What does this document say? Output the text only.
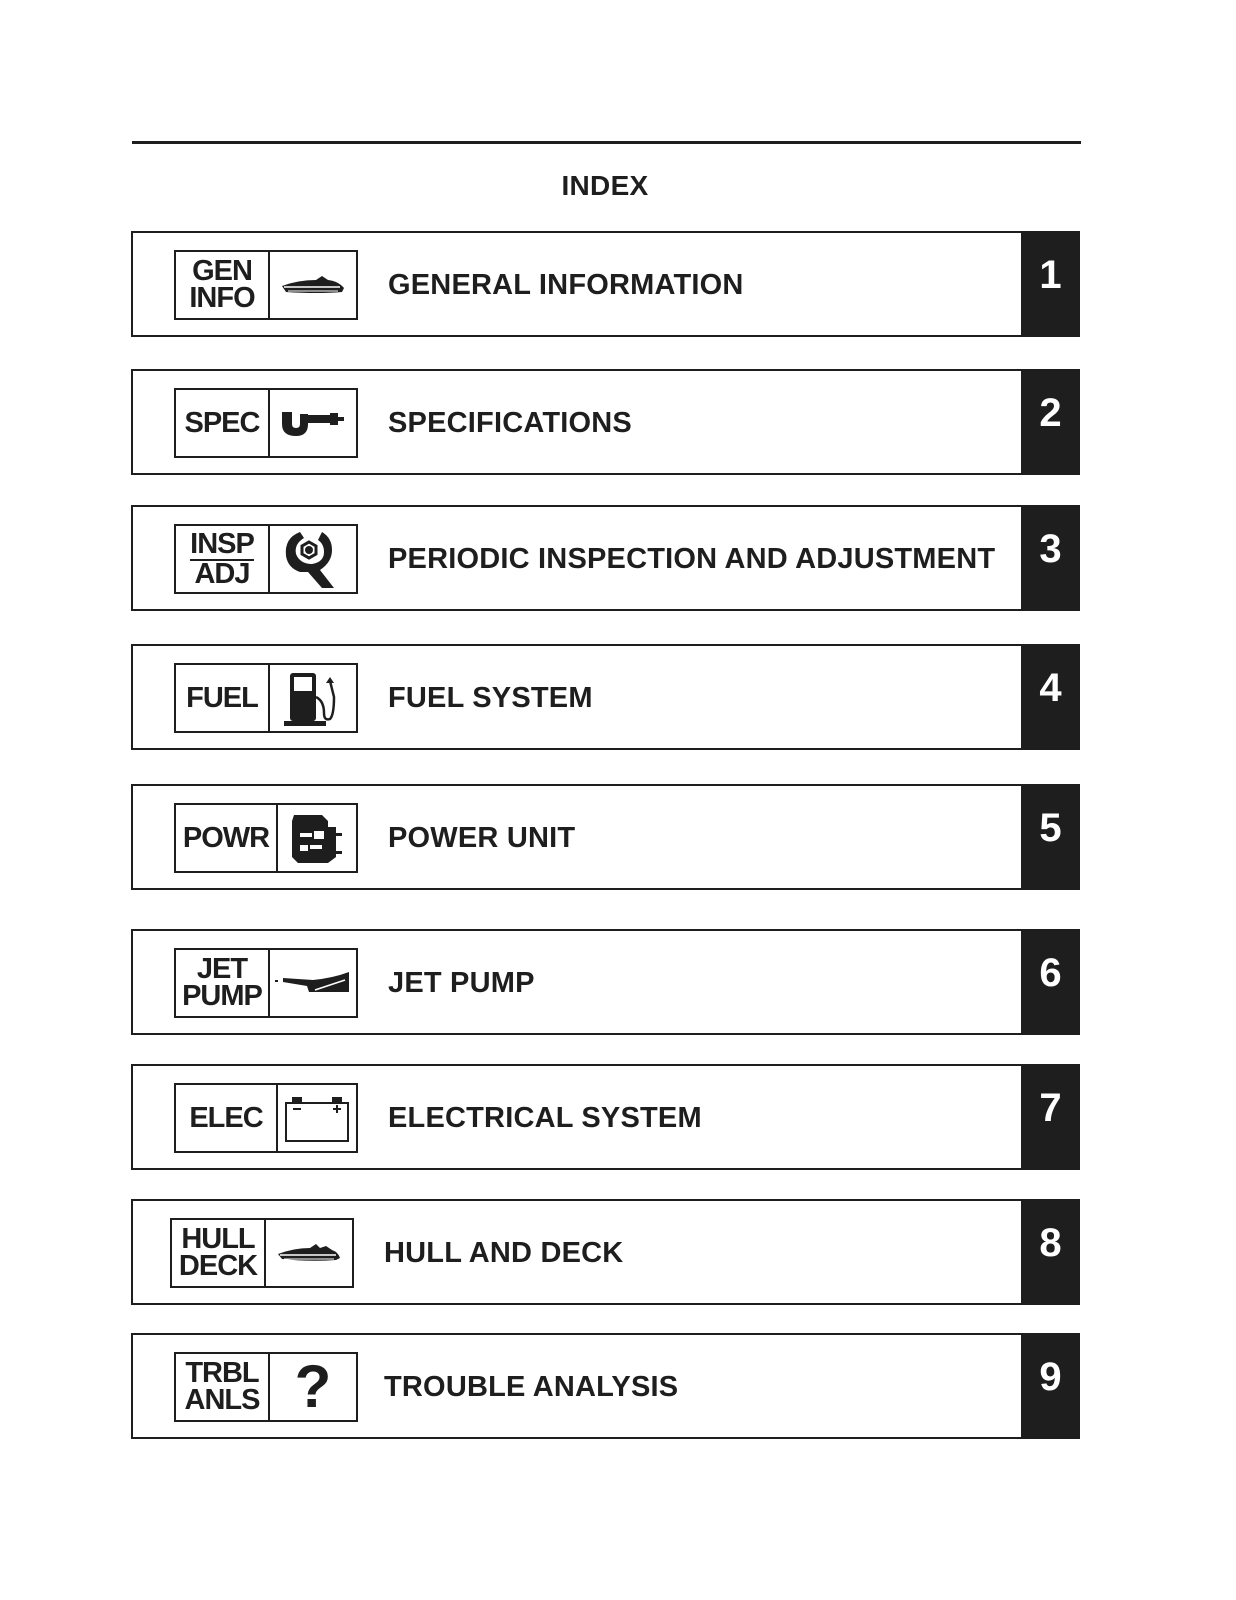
INDEX
GEN
INFO	GENERAL INFORMATION	1
SPEC	SPECIFICATIONS	2
INSP
ADJ	PERIODIC INSPECTION AND ADJUSTMENT	3
FUEL	FUEL SYSTEM	4
POWR	POWER UNIT	5
JET
PUMP	JET PUMP	6
ELEC	ELECTRICAL SYSTEM	7
HULL
DECK	HULL AND DECK	8
TRBL
ANLS ? TROUBLE ANALYSIS	9
